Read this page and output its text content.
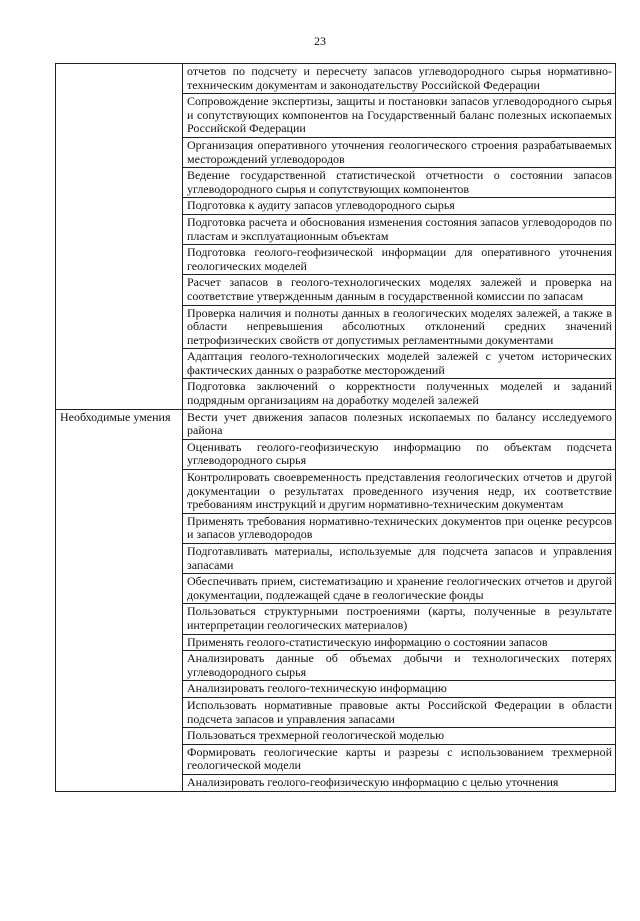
23
	отчетов по подсчету и пересчету запасов углеводородного сырья нормативно-техническим документам и законодательству Российской Федерации
	Сопровождение экспертизы, защиты и постановки запасов углеводородного сырья и сопутствующих компонентов на Государственный баланс полезных ископаемых Российской Федерации
	Организация оперативного уточнения геологического строения разрабатываемых месторождений углеводородов
	Ведение государственной статистической отчетности о состоянии запасов углеводородного сырья и сопутствующих компонентов
	Подготовка к аудиту запасов углеводородного сырья
	Подготовка расчета и обоснования изменения состояния запасов углеводородов по пластам и эксплуатационным объектам
	Подготовка геолого-геофизической информации для оперативного уточнения геологических моделей
	Расчет запасов в геолого-технологических моделях залежей и проверка на соответствие утвержденным данным в государственной комиссии по запасам
	Проверка наличия и полноты данных в геологических моделях залежей, а также в области непревышения абсолютных отклонений средних значений петрофизических свойств от допустимых регламентными документами
	Адаптация геолого-технологических моделей залежей с учетом исторических фактических данных о разработке месторождений
	Подготовка заключений о корректности полученных моделей и заданий подрядным организациям на доработку моделей залежей
Необходимые умения	Вести учет движения запасов полезных ископаемых по балансу исследуемого района
	Оценивать геолого-геофизическую информацию по объектам подсчета углеводородного сырья
	Контролировать своевременность представления геологических отчетов и другой документации о результатах проведенного изучения недр, их соответствие требованиям инструкций и другим нормативно-техническим документам
	Применять требования нормативно-технических документов при оценке ресурсов и запасов углеводородов
	Подготавливать материалы, используемые для подсчета запасов и управления запасами
	Обеспечивать прием, систематизацию и хранение геологических отчетов и другой документации, подлежащей сдаче в геологические фонды
	Пользоваться структурными построениями (карты, полученные в результате интерпретации геологических материалов)
	Применять геолого-статистическую информацию о состоянии запасов
	Анализировать данные об объемах добычи и технологических потерях углеводородного сырья
	Анализировать геолого-техническую информацию
	Использовать нормативные правовые акты Российской Федерации в области подсчета запасов и управления запасами
	Пользоваться трехмерной геологической моделью
	Формировать геологические карты и разрезы с использованием трехмерной геологической модели
	Анализировать геолого-геофизическую информацию с целью уточнения
